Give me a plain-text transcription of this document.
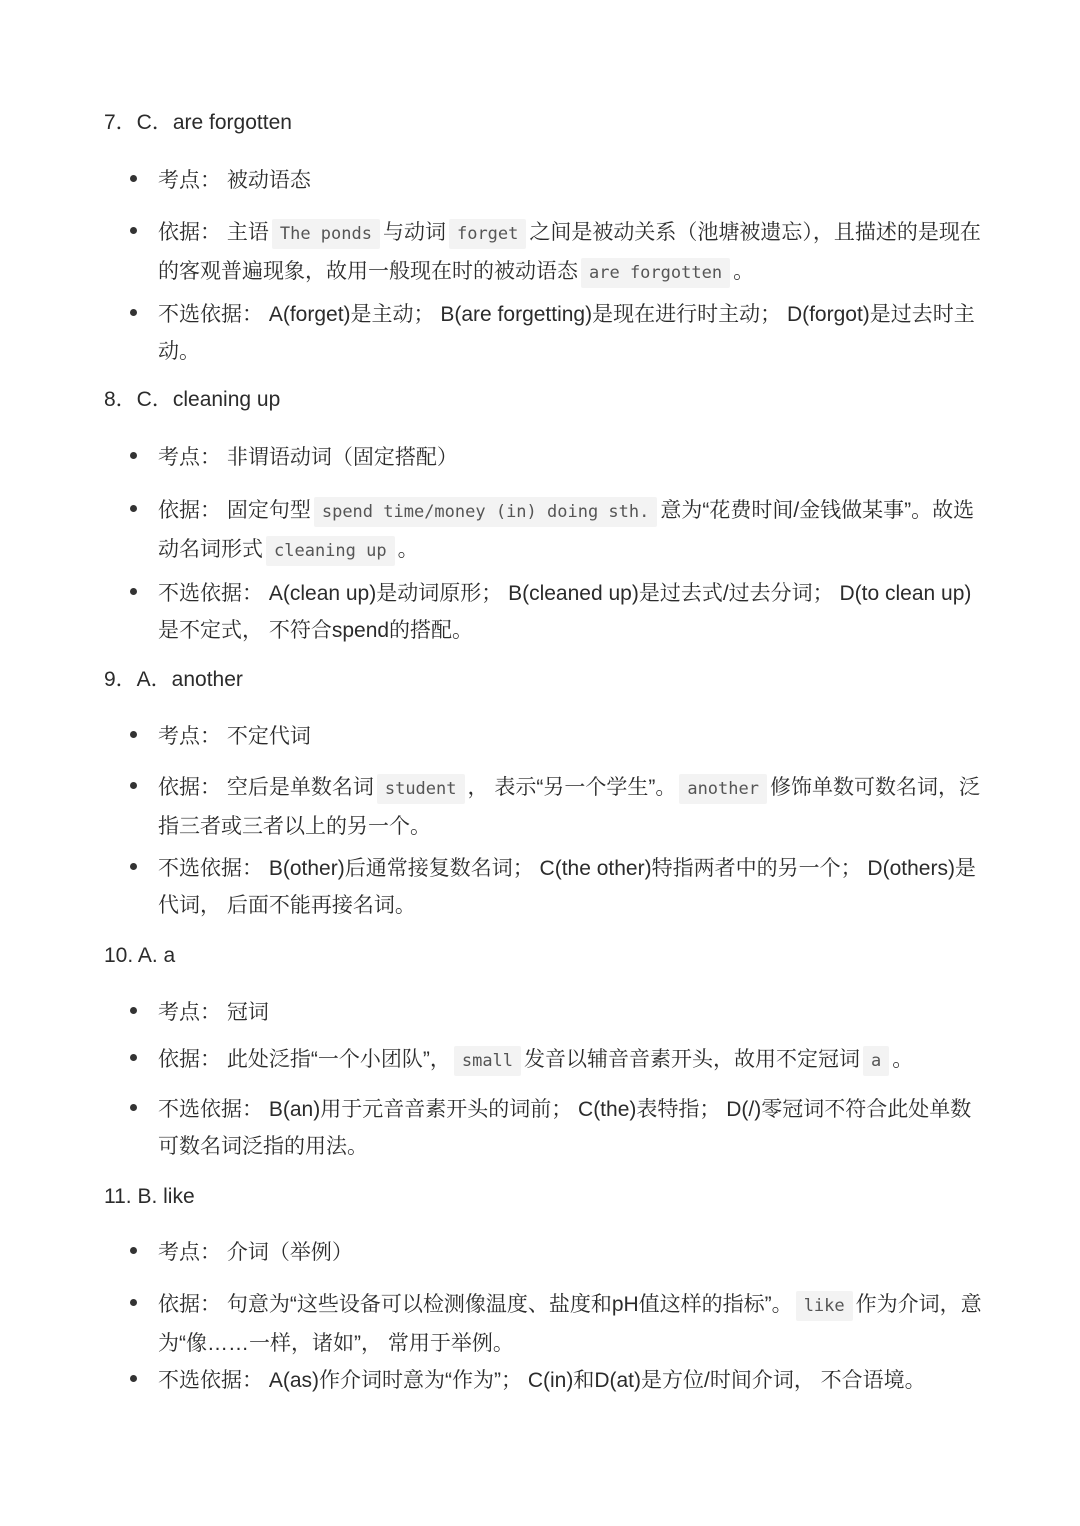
7．C．are forgotten
考点： 被动语态
依据： 主语 The ponds 与动词 forget 之间是被动关系（池塘被遗忘），且描述的是现在的客观普遍现象，故用一般现在时的被动语态 are forgotten 。
不选依据： A(forget)是主动； B(are forgetting)是现在进行时主动； D(forgot)是过去时主动。
8．C．cleaning up
考点： 非谓语动词（固定搭配）
依据： 固定句型 spend time/money (in) doing sth. 意为“花费时间/金钱做某事”。故选动名词形式 cleaning up 。
不选依据： A(clean up)是动词原形； B(cleaned up)是过去式/过去分词； D(to clean up)是不定式， 不符合spend的搭配。
9．A．another
考点： 不定代词
依据： 空后是单数名词 student ， 表示“另一个学生”。 another 修饰单数可数名词，泛指三者或三者以上的另一个。
不选依据： B(other)后通常接复数名词； C(the other)特指两者中的另一个； D(others)是代词， 后面不能再接名词。
10. A. a
考点： 冠词
依据： 此处泛指“一个小团队”， small 发音以辅音音素开头，故用不定冠词 a 。
不选依据： B(an)用于元音音素开头的词前； C(the)表特指； D(/)零冠词不符合此处单数可数名词泛指的用法。
11. B. like
考点： 介词（举例）
依据： 句意为“这些设备可以检测像温度、盐度和pH值这样的指标”。 like 作为介词，意为“像……一样，诸如”， 常用于举例。
不选依据： A(as)作介词时意为“作为”； C(in)和D(at)是方位/时间介词， 不合语境。
